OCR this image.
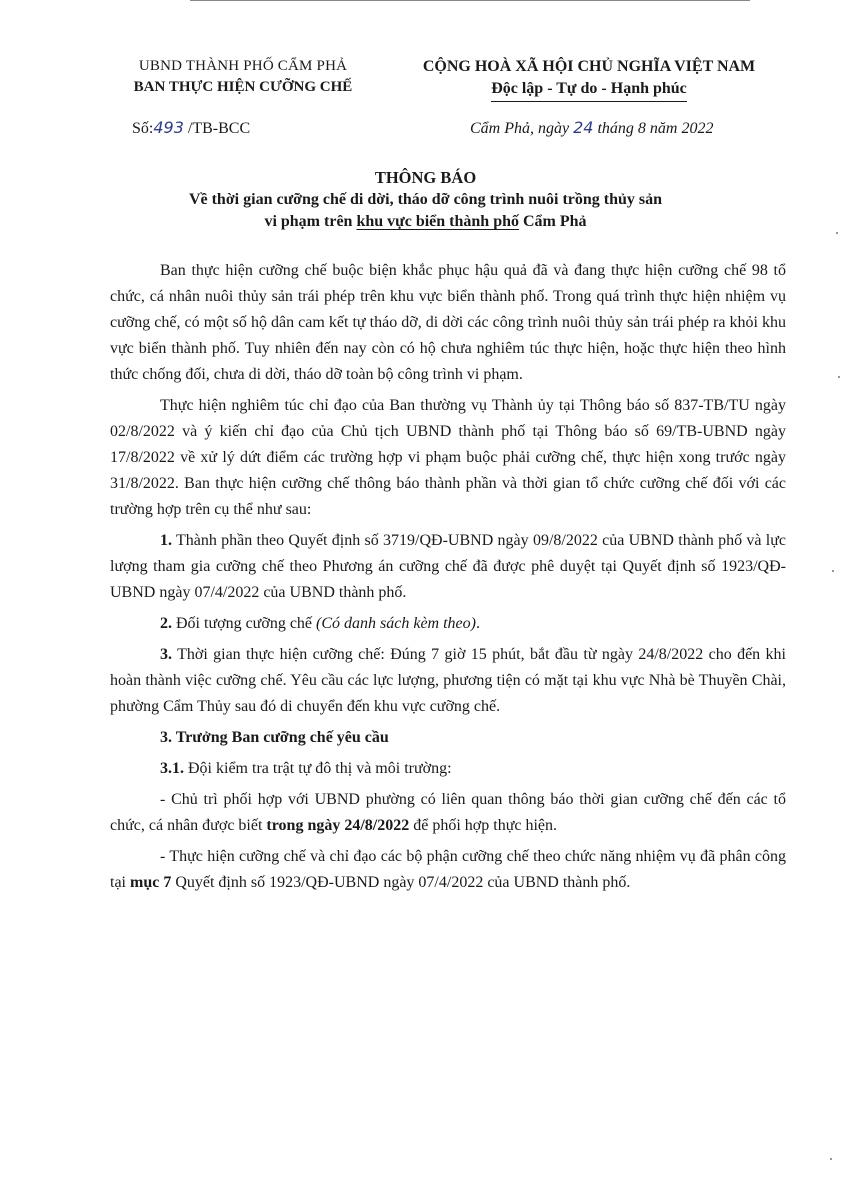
UBND THÀNH PHỐ CẨM PHẢ
BAN THỰC HIỆN CƯỠNG CHẾ
CỘNG HOÀ XÃ HỘI CHỦ NGHĨA VIỆT NAM
Độc lập - Tự do - Hạnh phúc
Số:493 /TB-BCC	Cẩm Phả, ngày 24 tháng 8 năm 2022
THÔNG BÁO
Về thời gian cưỡng chế di dời, tháo dỡ công trình nuôi trồng thủy sản
vi phạm trên khu vực biển thành phố Cẩm Phả

Ban thực hiện cưỡng chế buộc biện khắc phục hậu quả đã và đang thực hiện cưỡng chế 98 tổ chức, cá nhân nuôi thủy sản trái phép trên khu vực biển thành phố. Trong quá trình thực hiện nhiệm vụ cưỡng chế, có một số hộ dân cam kết tự tháo dỡ, di dời các công trình nuôi thủy sản trái phép ra khỏi khu vực biển thành phố. Tuy nhiên đến nay còn có hộ chưa nghiêm túc thực hiện, hoặc thực hiện theo hình thức chống đối, chưa di dời, tháo dỡ toàn bộ công trình vi phạm.

Thực hiện nghiêm túc chỉ đạo của Ban thường vụ Thành ủy tại Thông báo số 837-TB/TU ngày 02/8/2022 và ý kiến chỉ đạo của Chủ tịch UBND thành phố tại Thông báo số 69/TB-UBND ngày 17/8/2022 về xử lý dứt điểm các trường hợp vi phạm buộc phải cưỡng chế, thực hiện xong trước ngày 31/8/2022. Ban thực hiện cưỡng chế thông báo thành phần và thời gian tổ chức cưỡng chế đối với các trường hợp trên cụ thể như sau:

1. Thành phần theo Quyết định số 3719/QĐ-UBND ngày 09/8/2022 của UBND thành phố và lực lượng tham gia cưỡng chế theo Phương án cưỡng chế đã được phê duyệt tại Quyết định số 1923/QĐ-UBND ngày 07/4/2022 của UBND thành phố.

2. Đối tượng cưỡng chế (Có danh sách kèm theo).

3. Thời gian thực hiện cưỡng chế: Đúng 7 giờ 15 phút, bắt đầu từ ngày 24/8/2022 cho đến khi hoàn thành việc cưỡng chế. Yêu cầu các lực lượng, phương tiện có mặt tại khu vực Nhà bè Thuyền Chài, phường Cẩm Thủy sau đó di chuyển đến khu vực cưỡng chế.

3. Trưởng Ban cưỡng chế yêu cầu

3.1. Đội kiểm tra trật tự đô thị và môi trường:

- Chủ trì phối hợp với UBND phường có liên quan thông báo thời gian cưỡng chế đến các tổ chức, cá nhân được biết trong ngày 24/8/2022 để phối hợp thực hiện.

- Thực hiện cưỡng chế và chỉ đạo các bộ phận cưỡng chế theo chức năng nhiệm vụ đã phân công tại mục 7 Quyết định số 1923/QĐ-UBND ngày 07/4/2022 của UBND thành phố.
